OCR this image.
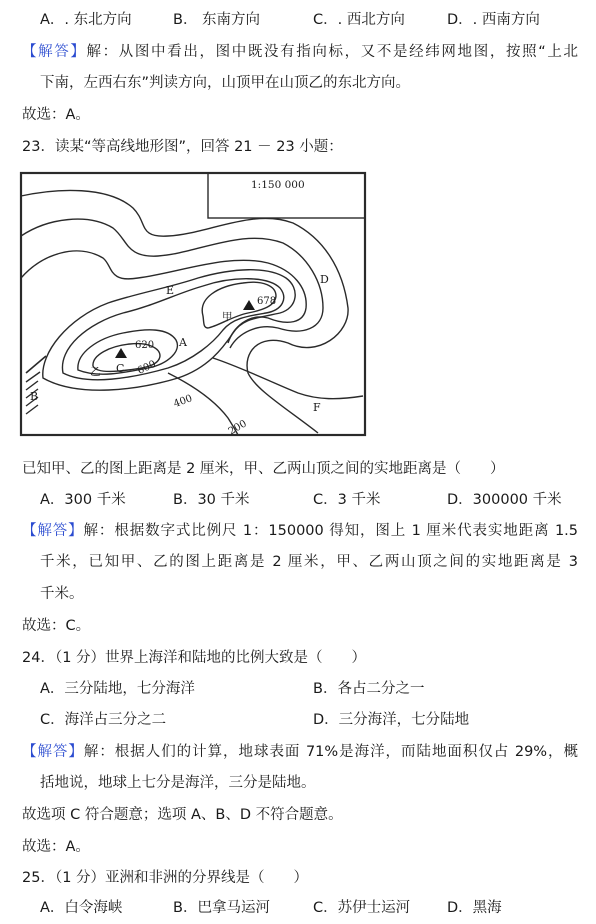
A．. 东北方向	B． 东南方向	C．. 西北方向	D．. 西南方向
【解答】解：从图中看出，图中既没有指向标，又不是经纬网地图，按照“上北
下南，左西右东”判读方向，山顶甲在山顶乙的东北方向。
故选：A。
23．读某“等高线地形图”，回答 21 － 23 小题：
1:150 000
E
D
A
B
C
F
甲
乙
678
620
600
400
200
已知甲、乙的图上距离是 2 厘米，甲、乙两山顶之间的实地距离是（　　）
A．300 千米	B．30 千米	C．3 千米	D．300000 千米
【解答】解：根据数字式比例尺 1：150000 得知，图上 1 厘米代表实地距离 1.5
千米，已知甲、乙的图上距离是 2 厘米，甲、乙两山顶之间的实地距离是 3
千米。
故选：C。
24．（1 分）世界上海洋和陆地的比例大致是（　　）
A．三分陆地，七分海洋	B．各占二分之一
C．海洋占三分之二	D．三分海洋，七分陆地
【解答】解：根据人们的计算，地球表面 71%是海洋，而陆地面积仅占 29%，概
括地说，地球上七分是海洋，三分是陆地。
故选项 C 符合题意；选项 A、B、D 不符合题意。
故选：A。
25．（1 分）亚洲和非洲的分界线是（　　）
A．白令海峡	B．巴拿马运河	C．苏伊士运河	D．黑海
